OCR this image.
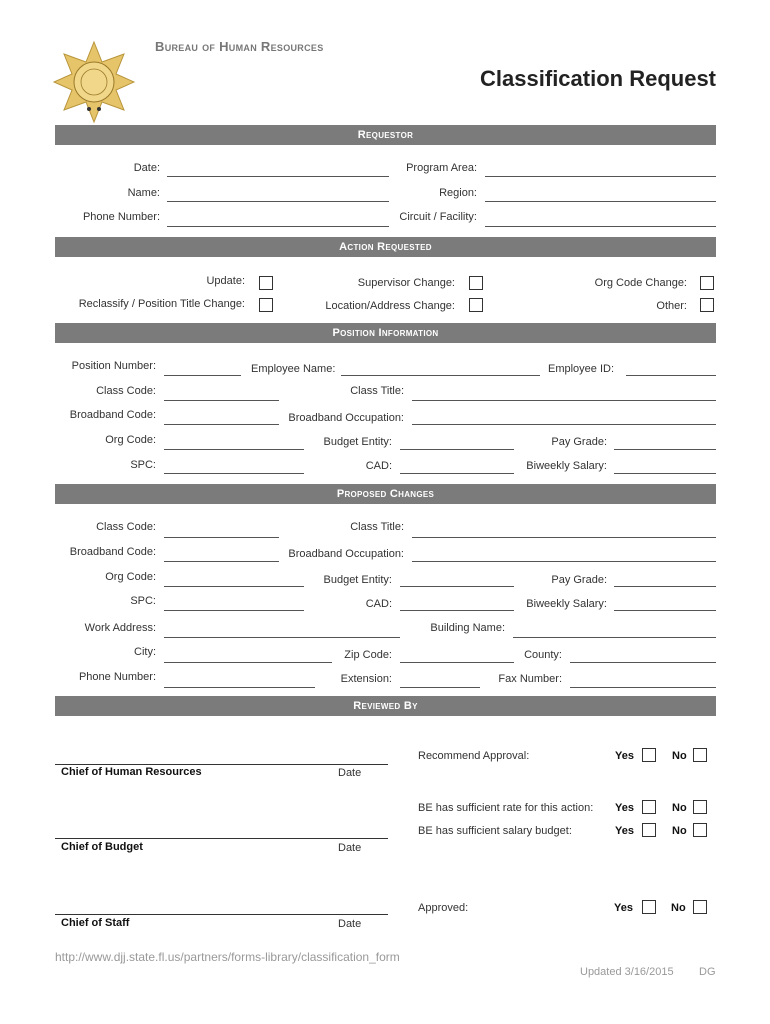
Bureau of Human Resources
Classification Request
Requestor
Date:	Program Area:
Name:	Region:
Phone Number:	Circuit / Facility:
Action Requested
Update:	Supervisor Change:	Org Code Change:
Reclassify / Position Title Change:	Location/Address Change:	Other:
Position Information
Position Number:	Employee Name:	Employee ID:
Class Code:	Class Title:
Broadband Code:	Broadband Occupation:
Org Code:	Budget Entity:	Pay Grade:
SPC:	CAD:	Biweekly Salary:
Proposed Changes
Class Code:	Class Title:
Broadband Code:	Broadband Occupation:
Org Code:	Budget Entity:	Pay Grade:
SPC:	CAD:	Biweekly Salary:
Work Address:	Building Name:
City:	Zip Code:	County:
Phone Number:	Extension:	Fax Number:
Reviewed By
Chief of Human Resources	Date
Recommend Approval:	Yes	No
BE has sufficient rate for this action: Yes	No
BE has sufficient salary budget:	Yes	No
Chief of Budget	Date
Approved:	Yes	No
Chief of Staff	Date
http://www.djj.state.fl.us/partners/forms-library/classification_form
Updated 3/16/2015 DG
